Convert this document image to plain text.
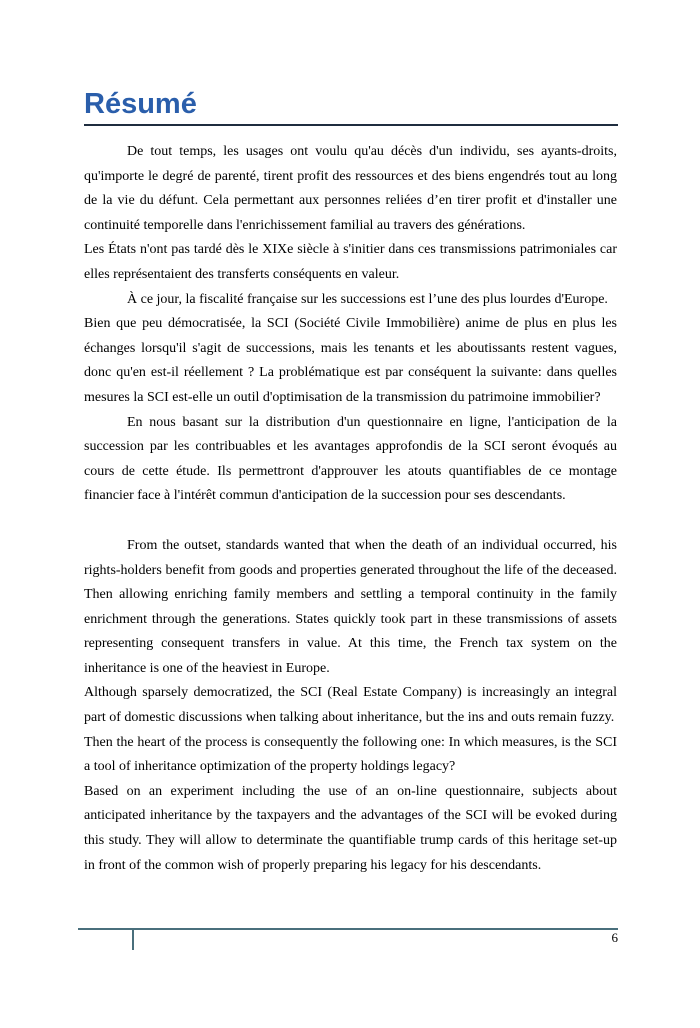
Résumé

De tout temps, les usages ont voulu qu'au décès d'un individu, ses ayants-droits, qu'importe le degré de parenté, tirent profit des ressources et des biens engendrés tout au long de la vie du défunt. Cela permettant aux personnes reliées d’en tirer profit et d'installer une continuité temporelle dans l'enrichissement familial au travers des générations.

Les États n'ont pas tardé dès le XIXe siècle à s'initier dans ces transmissions patrimoniales car elles représentaient des transferts conséquents en valeur.

À ce jour, la fiscalité française sur les successions est l’une des plus lourdes d'Europe.

Bien que peu démocratisée, la SCI (Société Civile Immobilière) anime de plus en plus les échanges lorsqu'il s'agit de successions, mais les tenants et les aboutissants restent vagues, donc qu'en est-il réellement ? La problématique est par conséquent la suivante: dans quelles mesures la SCI est-elle un outil d'optimisation de la transmission du patrimoine immobilier?

En nous basant sur la distribution d'un questionnaire en ligne, l'anticipation de la succession par les contribuables et les avantages approfondis de la SCI seront évoqués au cours de cette étude. Ils permettront d'approuver les atouts quantifiables de ce montage financier face à l'intérêt commun d'anticipation de la succession pour ses descendants.

From the outset, standards wanted that when the death of an individual occurred, his rights-holders benefit from goods and properties generated throughout the life of the deceased. Then allowing enriching family members and settling a temporal continuity in the family enrichment through the generations. States quickly took part in these transmissions of assets representing consequent transfers in value. At this time, the French tax system on the inheritance is one of the heaviest in Europe.

Although sparsely democratized, the SCI (Real Estate Company) is increasingly an integral part of domestic discussions when talking about inheritance, but the ins and outs remain fuzzy.

Then the heart of the process is consequently the following one: In which measures, is the SCI a tool of inheritance optimization of the property holdings legacy?

Based on an experiment including the use of an on-line questionnaire, subjects about anticipated inheritance by the taxpayers and the advantages of the SCI will be evoked during this study. They will allow to determinate the quantifiable trump cards of this heritage set-up in front of the common wish of properly preparing his legacy for his descendants.

6
